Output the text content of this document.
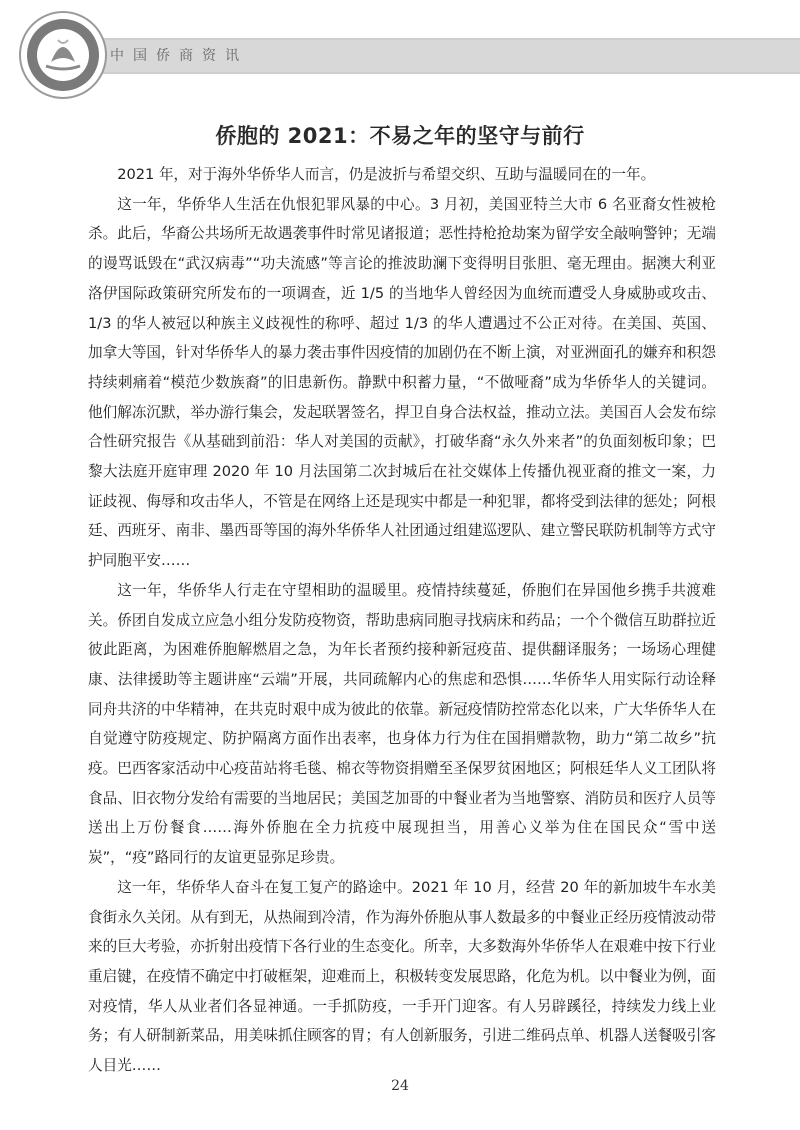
中国侨商资讯
侨胞的 2021：不易之年的坚守与前行

2021 年，对于海外华侨华人而言，仍是波折与希望交织、互助与温暖同在的一年。

这一年，华侨华人生活在仇恨犯罪风暴的中心。3 月初，美国亚特兰大市 6 名亚裔女性被枪杀。此后，华裔公共场所无故遇袭事件时常见诸报道；恶性持枪抢劫案为留学安全敲响警钟；无端的谩骂诋毁在“武汉病毒”“功夫流感”等言论的推波助澜下变得明目张胆、毫无理由。据澳大利亚洛伊国际政策研究所发布的一项调查，近 1/5 的当地华人曾经因为血统而遭受人身威胁或攻击、1/3 的华人被冠以种族主义歧视性的称呼、超过 1/3 的华人遭遇过不公正对待。在美国、英国、加拿大等国，针对华侨华人的暴力袭击事件因疫情的加剧仍在不断上演，对亚洲面孔的嫌弃和积怨持续刺痛着“模范少数族裔”的旧患新伤。静默中积蓄力量，“不做哑裔”成为华侨华人的关键词。他们解冻沉默，举办游行集会，发起联署签名，捍卫自身合法权益，推动立法。美国百人会发布综合性研究报告《从基础到前沿：华人对美国的贡献》，打破华裔“永久外来者”的负面刻板印象；巴黎大法庭开庭审理 2020 年 10 月法国第二次封城后在社交媒体上传播仇视亚裔的推文一案，力证歧视、侮辱和攻击华人，不管是在网络上还是现实中都是一种犯罪，都将受到法律的惩处；阿根廷、西班牙、南非、墨西哥等国的海外华侨华人社团通过组建巡逻队、建立警民联防机制等方式守护同胞平安……

这一年，华侨华人行走在守望相助的温暖里。疫情持续蔓延，侨胞们在异国他乡携手共渡难关。侨团自发成立应急小组分发防疫物资，帮助患病同胞寻找病床和药品；一个个微信互助群拉近彼此距离，为困难侨胞解燃眉之急，为年长者预约接种新冠疫苗、提供翻译服务；一场场心理健康、法律援助等主题讲座“云端”开展，共同疏解内心的焦虑和恐惧……华侨华人用实际行动诠释同舟共济的中华精神，在共克时艰中成为彼此的依靠。新冠疫情防控常态化以来，广大华侨华人在自觉遵守防疫规定、防护隔离方面作出表率，也身体力行为住在国捐赠款物，助力“第二故乡”抗疫。巴西客家活动中心疫苗站将毛毯、棉衣等物资捐赠至圣保罗贫困地区；阿根廷华人义工团队将食品、旧衣物分发给有需要的当地居民；美国芝加哥的中餐业者为当地警察、消防员和医疗人员等送出上万份餐食……海外侨胞在全力抗疫中展现担当，用善心义举为住在国民众“雪中送炭”，“疫”路同行的友谊更显弥足珍贵。

这一年，华侨华人奋斗在复工复产的路途中。2021 年 10 月，经营 20 年的新加坡牛车水美食街永久关闭。从有到无，从热闹到冷清，作为海外侨胞从事人数最多的中餐业正经历疫情波动带来的巨大考验，亦折射出疫情下各行业的生态变化。所幸，大多数海外华侨华人在艰难中按下行业重启键，在疫情不确定中打破框架，迎难而上，积极转变发展思路，化危为机。以中餐业为例，面对疫情，华人从业者们各显神通。一手抓防疫，一手开门迎客。有人另辟蹊径，持续发力线上业务；有人研制新菜品，用美味抓住顾客的胃；有人创新服务，引进二维码点单、机器人送餐吸引客人目光……

24
